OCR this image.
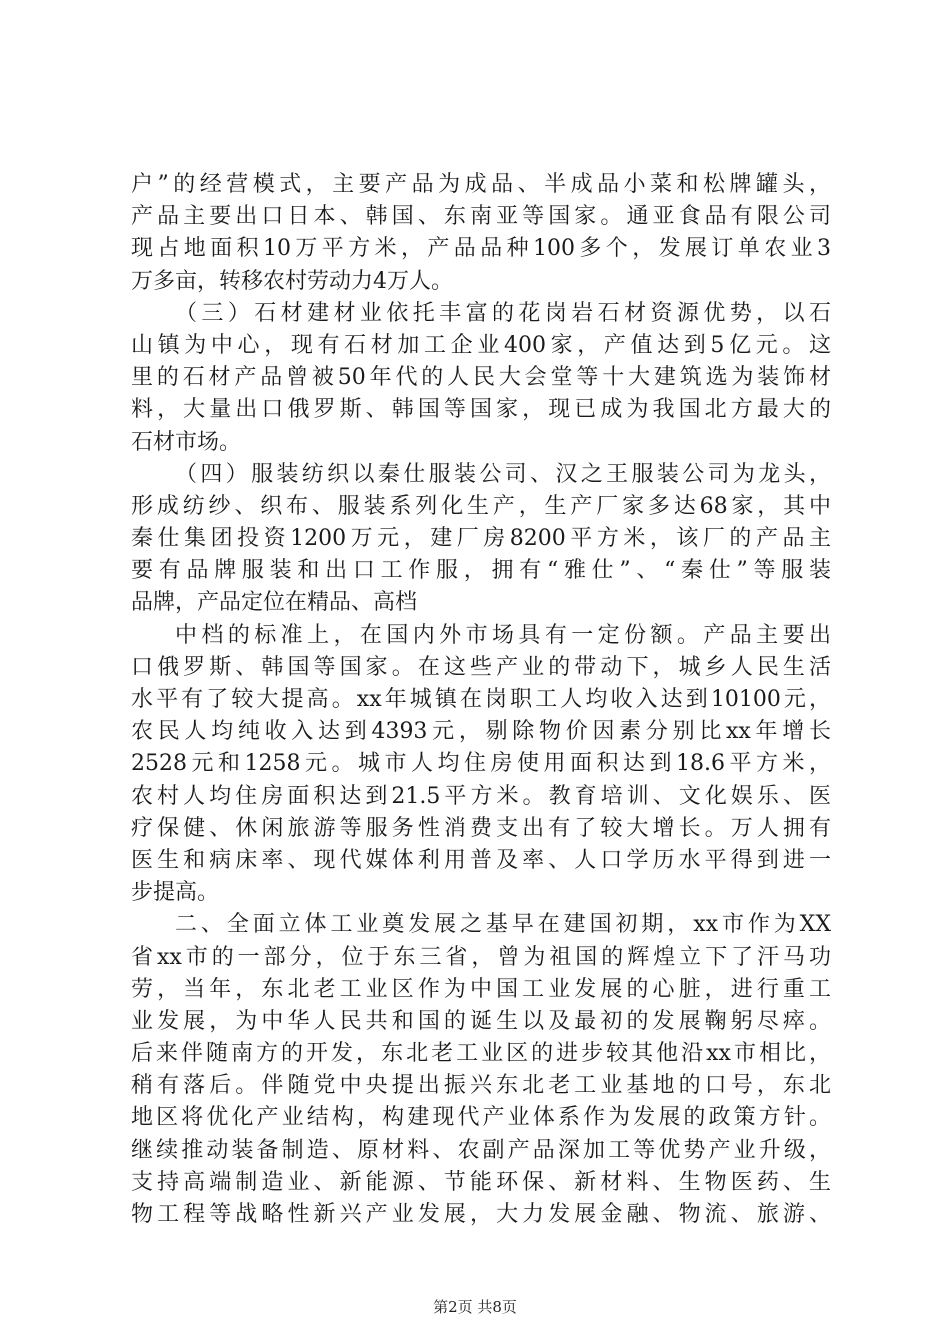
户”的经营模式，主要产品为成品、半成品小菜和松牌罐头，
产品主要出口日本、韩国、东南亚等国家。通亚食品有限公司
现占地面积10万平方米，产品品种100多个，发展订单农业3
万多亩，转移农村劳动力4万人。
（三）石材建材业依托丰富的花岗岩石材资源优势，以石
山镇为中心，现有石材加工企业400家，产值达到5亿元。这
里的石材产品曾被50年代的人民大会堂等十大建筑选为装饰材
料，大量出口俄罗斯、韩国等国家，现已成为我国北方最大的
石材市场。
（四）服装纺织以秦仕服装公司、汉之王服装公司为龙头，
形成纺纱、织布、服装系列化生产，生产厂家多达68家，其中
秦仕集团投资1200万元，建厂房8200平方米，该厂的产品主
要有品牌服装和出口工作服，拥有“雅仕”、“秦仕”等服装
品牌，产品定位在精品、高档
中档的标准上，在国内外市场具有一定份额。产品主要出
口俄罗斯、韩国等国家。在这些产业的带动下，城乡人民生活
水平有了较大提高。xx年城镇在岗职工人均收入达到10100元，
农民人均纯收入达到4393元，剔除物价因素分别比xx年增长
2528元和1258元。城市人均住房使用面积达到18.6平方米，
农村人均住房面积达到21.5平方米。教育培训、文化娱乐、医
疗保健、休闲旅游等服务性消费支出有了较大增长。万人拥有
医生和病床率、现代媒体利用普及率、人口学历水平得到进一
步提高。
二、全面立体工业奠发展之基早在建国初期，xx市作为XX
省xx市的一部分，位于东三省，曾为祖国的辉煌立下了汗马功
劳，当年，东北老工业区作为中国工业发展的心脏，进行重工
业发展，为中华人民共和国的诞生以及最初的发展鞠躬尽瘁。
后来伴随南方的开发，东北老工业区的进步较其他沿xx市相比，
稍有落后。伴随党中央提出振兴东北老工业基地的口号，东北
地区将优化产业结构，构建现代产业体系作为发展的政策方针。
继续推动装备制造、原材料、农副产品深加工等优势产业升级，
支持高端制造业、新能源、节能环保、新材料、生物医药、生
物工程等战略性新兴产业发展，大力发展金融、物流、旅游、
第2页 共8页
